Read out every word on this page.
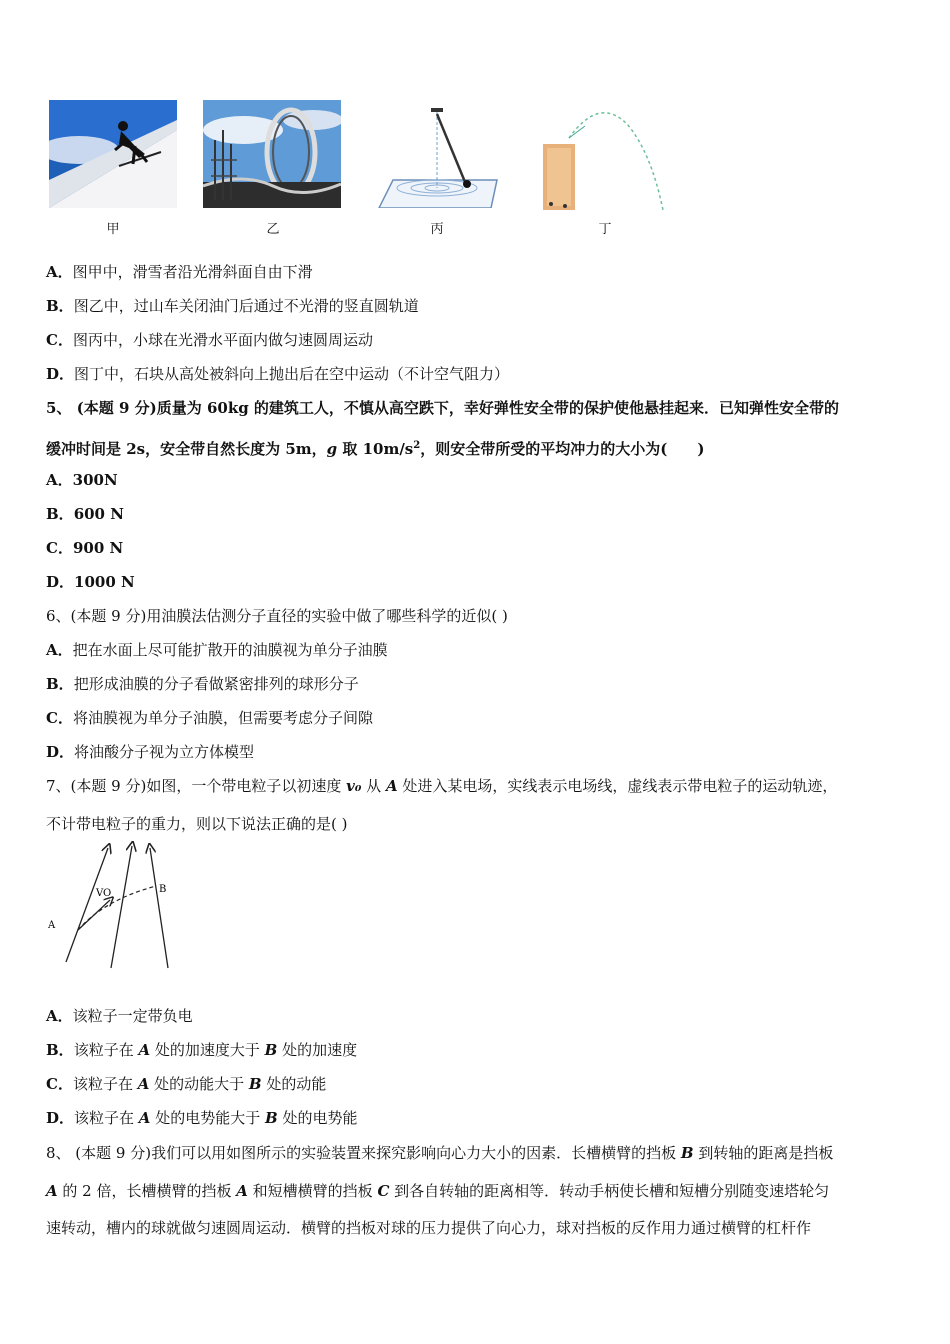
甲	乙	丙	丁
A．图甲中，滑雪者沿光滑斜面自由下滑
B．图乙中，过山车关闭油门后通过不光滑的竖直圆轨道
C．图丙中，小球在光滑水平面内做匀速圆周运动
D．图丁中，石块从高处被斜向上抛出后在空中运动（不计空气阻力）
5、 (本题 9 分)质量为 60kg 的建筑工人，不慎从高空跌下，幸好弹性安全带的保护使他悬挂起来．已知弹性安全带的
缓冲时间是 2s，安全带自然长度为 5m，g 取 $10m/s^2$，则安全带所受的平均冲力的大小为(　　)
A．300N
B．600 N
C．900 N
D．1000 N
6、(本题 9 分)用油膜法估测分子直径的实验中做了哪些科学的近似( )
A．把在水面上尽可能扩散开的油膜视为单分子油膜
B．把形成油膜的分子看做紧密排列的球形分子
C．将油膜视为单分子油膜，但需要考虑分子间隙
D．将油酸分子视为立方体模型
7、(本题 9 分)如图，一个带电粒子以初速度 v₀ 从 A 处进入某电场，实线表示电场线，虚线表示带电粒子的运动轨迹，
不计带电粒子的重力，则以下说法正确的是( )
A
B
VO
A．该粒子一定带负电
B．该粒子在 A 处的加速度大于 B 处的加速度
C．该粒子在 A 处的动能大于 B 处的动能
D．该粒子在 A 处的电势能大于 B 处的电势能
8、 (本题 9 分)我们可以用如图所示的实验装置来探究影响向心力大小的因素．长槽横臂的挡板 B 到转轴的距离是挡板
A 的 2 倍，长槽横臂的挡板 A 和短槽横臂的挡板 C 到各自转轴的距离相等．转动手柄使长槽和短槽分别随变速塔轮匀
速转动，槽内的球就做匀速圆周运动．横臂的挡板对球的压力提供了向心力，球对挡板的反作用力通过横臂的杠杆作
